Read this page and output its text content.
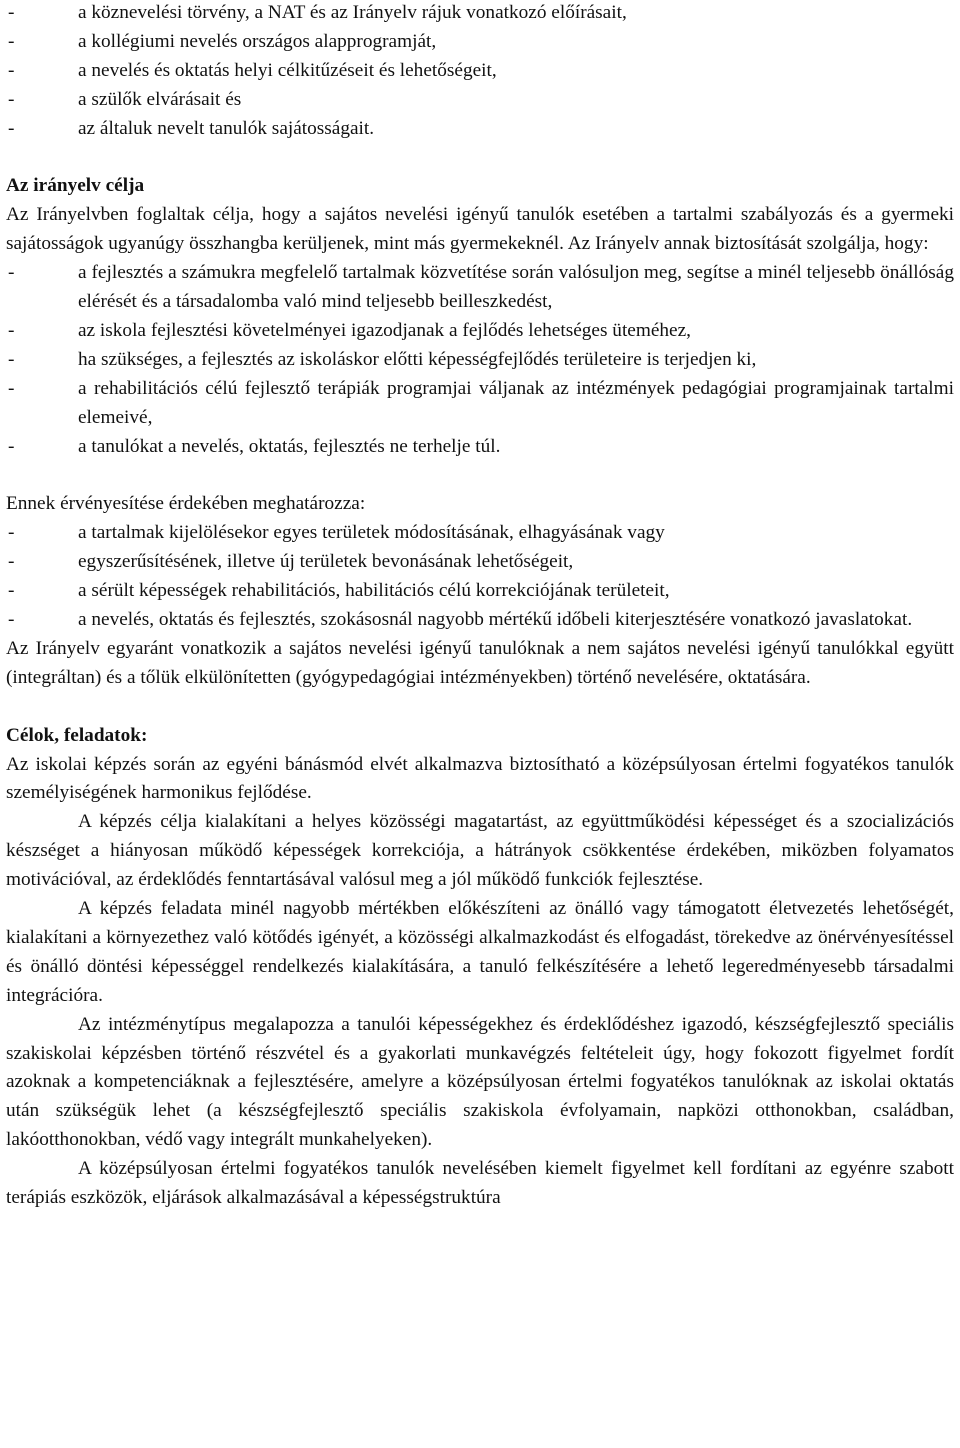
- a köznevelési törvény, a NAT és az Irányelv rájuk vonatkozó előírásait,
- a kollégiumi nevelés országos alapprogramját,
- a nevelés és oktatás helyi célkitűzéseit és lehetőségeit,
- a szülők elvárásait és
- az általuk nevelt tanulók sajátosságait.

Az irányelv célja

Az Irányelvben foglaltak célja, hogy a sajátos nevelési igényű tanulók esetében a tartalmi szabályozás és a gyermeki sajátosságok ugyanúgy összhangba kerüljenek, mint más gyermekeknél. Az Irányelv annak biztosítását szolgálja, hogy:

- a fejlesztés a számukra megfelelő tartalmak közvetítése során valósuljon meg, segítse a minél teljesebb önállóság elérését és a társadalomba való mind teljesebb beilleszkedést,
- az iskola fejlesztési követelményei igazodjanak a fejlődés lehetséges üteméhez,
- ha szükséges, a fejlesztés az iskoláskor előtti képességfejlődés területeire is terjedjen ki,
- a rehabilitációs célú fejlesztő terápiák programjai váljanak az intézmények pedagógiai programjainak tartalmi elemeivé,
- a tanulókat a nevelés, oktatás, fejlesztés ne terhelje túl.

Ennek érvényesítése érdekében meghatározza:

- a tartalmak kijelölésekor egyes területek módosításának, elhagyásának vagy
- egyszerűsítésének, illetve új területek bevonásának lehetőségeit,
- a sérült képességek rehabilitációs, habilitációs célú korrekciójának területeit,
- a nevelés, oktatás és fejlesztés, szokásosnál nagyobb mértékű időbeli kiterjesztésére vonatkozó javaslatokat.

Az Irányelv egyaránt vonatkozik a sajátos nevelési igényű tanulóknak a nem sajátos nevelési igényű tanulókkal együtt (integráltan) és a tőlük elkülönítetten (gyógypedagógiai intézményekben) történő nevelésére, oktatására.

Célok, feladatok:

Az iskolai képzés során az egyéni bánásmód elvét alkalmazva biztosítható a középsúlyosan értelmi fogyatékos tanulók személyiségének harmonikus fejlődése.

A képzés célja kialakítani a helyes közösségi magatartást, az együttműködési képességet és a szocializációs készséget a hiányosan működő képességek korrekciója, a hátrányok csökkentése érdekében, miközben folyamatos motivációval, az érdeklődés fenntartásával valósul meg a jól működő funkciók fejlesztése.

A képzés feladata minél nagyobb mértékben előkészíteni az önálló vagy támogatott életvezetés lehetőségét, kialakítani a környezethez való kötődés igényét, a közösségi alkalmazkodást és elfogadást, törekedve az önérvényesítéssel és önálló döntési képességgel rendelkezés kialakítására, a tanuló felkészítésére a lehető legeredményesebb társadalmi integrációra.

Az intézménytípus megalapozza a tanulói képességekhez és érdeklődéshez igazodó, készségfejlesztő speciális szakiskolai képzésben történő részvétel és a gyakorlati munkavégzés feltételeit úgy, hogy fokozott figyelmet fordít azoknak a kompetenciáknak a fejlesztésére, amelyre a középsúlyosan értelmi fogyatékos tanulóknak az iskolai oktatás után szükségük lehet (a készségfejlesztő speciális szakiskola évfolyamain, napközi otthonokban, családban, lakóotthonokban, védő vagy integrált munkahelyeken).

A középsúlyosan értelmi fogyatékos tanulók nevelésében kiemelt figyelmet kell fordítani az egyénre szabott terápiás eszközök, eljárások alkalmazásával a képességstruktúra
